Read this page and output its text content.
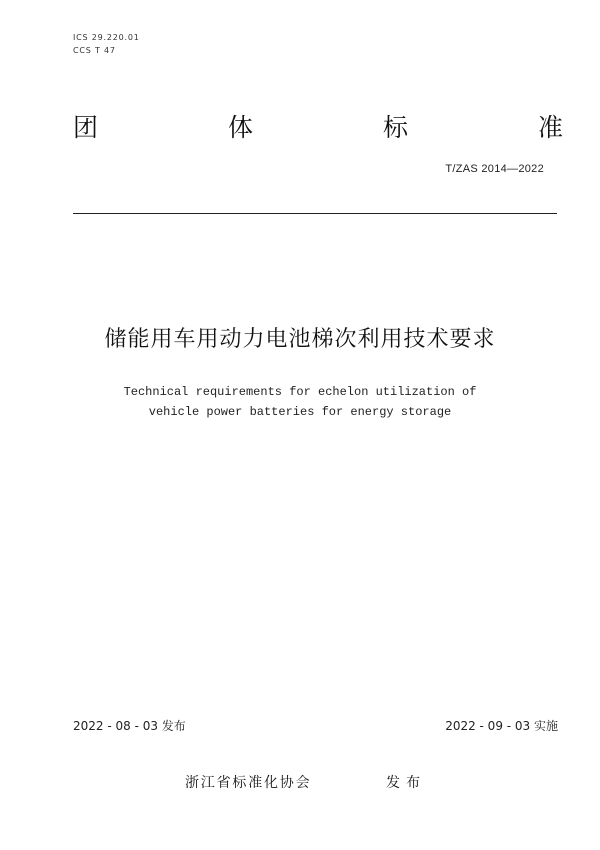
ICS 29.220.01
CCS T 47
团	体	标	准
T/ZAS 2014—2022
储能用车用动力电池梯次利用技术要求
Technical requirements for echelon utilization of
vehicle power batteries for energy storage
2022 - 08 - 03 发布	2022 - 09 - 03 实施
浙江省标准化协会	发布
